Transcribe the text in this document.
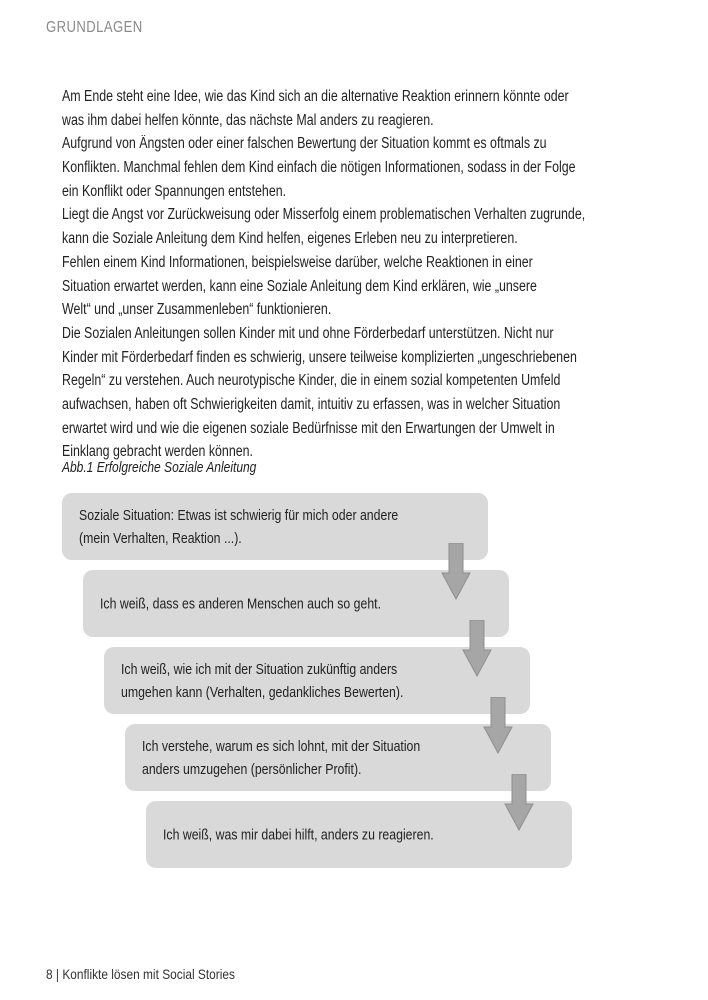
GRUNDLAGEN
Am Ende steht eine Idee, wie das Kind sich an die alternative Reaktion erinnern könnte oder
was ihm dabei helfen könnte, das nächste Mal anders zu reagieren.
Aufgrund von Ängsten oder einer falschen Bewertung der Situation kommt es oftmals zu
Konflikten. Manchmal fehlen dem Kind einfach die nötigen Informationen, sodass in der Folge
ein Konflikt oder Spannungen entstehen.
Liegt die Angst vor Zurückweisung oder Misserfolg einem problematischen Verhalten zugrunde,
kann die Soziale Anleitung dem Kind helfen, eigenes Erleben neu zu interpretieren.
Fehlen einem Kind Informationen, beispielsweise darüber, welche Reaktionen in einer
Situation erwartet werden, kann eine Soziale Anleitung dem Kind erklären, wie „unsere
Welt“ und „unser Zusammenleben“ funktionieren.
Die Sozialen Anleitungen sollen Kinder mit und ohne Förderbedarf unterstützen. Nicht nur
Kinder mit Förderbedarf finden es schwierig, unsere teilweise komplizierten „ungeschriebenen
Regeln“ zu verstehen. Auch neurotypische Kinder, die in einem sozial kompetenten Umfeld
aufwachsen, haben oft Schwierigkeiten damit, intuitiv zu erfassen, was in welcher Situation
erwartet wird und wie die eigenen soziale Bedürfnisse mit den Erwartungen der Umwelt in
Einklang gebracht werden können.
Abb.1 Erfolgreiche Soziale Anleitung
Soziale Situation: Etwas ist schwierig für mich oder andere
(mein Verhalten, Reaktion ...).
Ich weiß, dass es anderen Menschen auch so geht.
Ich weiß, wie ich mit der Situation zukünftig anders
umgehen kann (Verhalten, gedankliches Bewerten).
Ich verstehe, warum es sich lohnt, mit der Situation
anders umzugehen (persönlicher Profit).
Ich weiß, was mir dabei hilft, anders zu reagieren.
8 | Konflikte lösen mit Social Stories
